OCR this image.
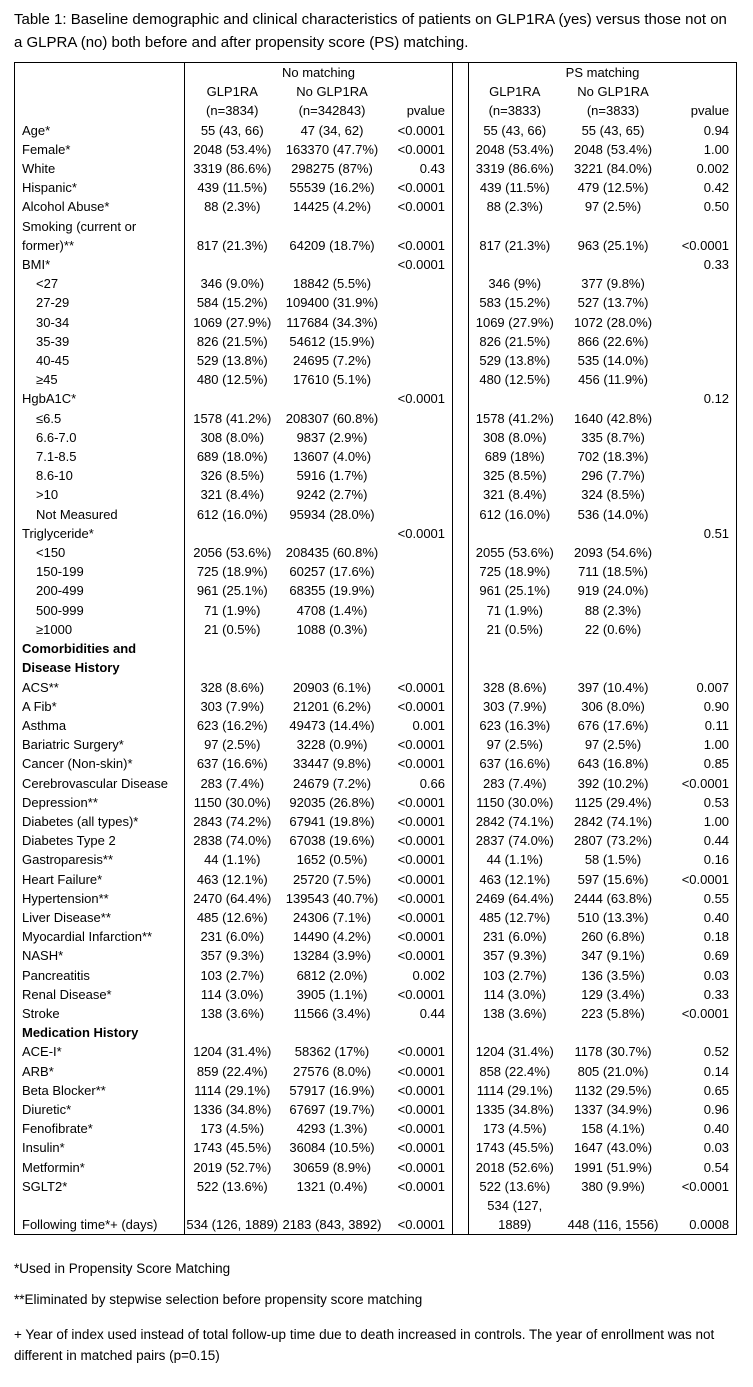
Table 1: Baseline demographic and clinical characteristics of patients on GLP1RA (yes) versus those not on a GLPRA (no) both before and after propensity score (PS) matching.

	No matching				PS matching		
	GLP1RA	No GLP1RA			GLP1RA	No GLP1RA	
	(n=3834)	(n=342843)	pvalue		(n=3833)	(n=3833)	pvalue
Age*	55 (43, 66)	47 (34, 62)	<0.0001		55 (43, 66)	55 (43, 65)	0.94
Female*	2048 (53.4%)	163370 (47.7%)	<0.0001		2048 (53.4%)	2048 (53.4%)	1.00
White	3319 (86.6%)	298275 (87%)	0.43		3319 (86.6%)	3221 (84.0%)	0.002
Hispanic*	439 (11.5%)	55539 (16.2%)	<0.0001		439 (11.5%)	479 (12.5%)	0.42
Alcohol Abuse*	88 (2.3%)	14425 (4.2%)	<0.0001		88 (2.3%)	97 (2.5%)	0.50
Smoking (current or former)**	817 (21.3%)	64209 (18.7%)	<0.0001		817 (21.3%)	963 (25.1%)	<0.0001
BMI*			<0.0001				0.33
<27	346 (9.0%)	18842 (5.5%)			346 (9%)	377 (9.8%)	
27-29	584 (15.2%)	109400 (31.9%)			583 (15.2%)	527 (13.7%)	
30-34	1069 (27.9%)	117684 (34.3%)			1069 (27.9%)	1072 (28.0%)	
35-39	826 (21.5%)	54612 (15.9%)			826 (21.5%)	866 (22.6%)	
40-45	529 (13.8%)	24695 (7.2%)			529 (13.8%)	535 (14.0%)	
≥45	480 (12.5%)	17610 (5.1%)			480 (12.5%)	456 (11.9%)	
HgbA1C*			<0.0001				0.12
≤6.5	1578 (41.2%)	208307 (60.8%)			1578 (41.2%)	1640 (42.8%)	
6.6-7.0	308 (8.0%)	9837 (2.9%)			308 (8.0%)	335 (8.7%)	
7.1-8.5	689 (18.0%)	13607 (4.0%)			689 (18%)	702 (18.3%)	
8.6-10	326 (8.5%)	5916 (1.7%)			325 (8.5%)	296 (7.7%)	
>10	321 (8.4%)	9242 (2.7%)			321 (8.4%)	324 (8.5%)	
Not Measured	612 (16.0%)	95934 (28.0%)			612 (16.0%)	536 (14.0%)	
Triglyceride*			<0.0001				0.51
<150	2056 (53.6%)	208435 (60.8%)			2055 (53.6%)	2093 (54.6%)	
150-199	725 (18.9%)	60257 (17.6%)			725 (18.9%)	711 (18.5%)	
200-499	961 (25.1%)	68355 (19.9%)			961 (25.1%)	919 (24.0%)	
500-999	71 (1.9%)	4708 (1.4%)			71 (1.9%)	88 (2.3%)	
≥1000	21 (0.5%)	1088 (0.3%)			21 (0.5%)	22 (0.6%)	
Comorbidities and Disease History							
ACS**	328 (8.6%)	20903 (6.1%)	<0.0001		328 (8.6%)	397 (10.4%)	0.007
A Fib*	303 (7.9%)	21201 (6.2%)	<0.0001		303 (7.9%)	306 (8.0%)	0.90
Asthma	623 (16.2%)	49473 (14.4%)	0.001		623 (16.3%)	676 (17.6%)	0.11
Bariatric Surgery*	97 (2.5%)	3228 (0.9%)	<0.0001		97 (2.5%)	97 (2.5%)	1.00
Cancer (Non-skin)*	637 (16.6%)	33447 (9.8%)	<0.0001		637 (16.6%)	643 (16.8%)	0.85
Cerebrovascular Disease	283 (7.4%)	24679 (7.2%)	0.66		283 (7.4%)	392 (10.2%)	<0.0001
Depression**	1150 (30.0%)	92035 (26.8%)	<0.0001		1150 (30.0%)	1125 (29.4%)	0.53
Diabetes (all types)*	2843 (74.2%)	67941 (19.8%)	<0.0001		2842 (74.1%)	2842 (74.1%)	1.00
Diabetes Type 2	2838 (74.0%)	67038 (19.6%)	<0.0001		2837 (74.0%)	2807 (73.2%)	0.44
Gastroparesis**	44 (1.1%)	1652 (0.5%)	<0.0001		44 (1.1%)	58 (1.5%)	0.16
Heart Failure*	463 (12.1%)	25720 (7.5%)	<0.0001		463 (12.1%)	597 (15.6%)	<0.0001
Hypertension**	2470 (64.4%)	139543 (40.7%)	<0.0001		2469 (64.4%)	2444 (63.8%)	0.55
Liver Disease**	485 (12.6%)	24306 (7.1%)	<0.0001		485 (12.7%)	510 (13.3%)	0.40
Myocardial Infarction**	231 (6.0%)	14490 (4.2%)	<0.0001		231 (6.0%)	260 (6.8%)	0.18
NASH*	357 (9.3%)	13284 (3.9%)	<0.0001		357 (9.3%)	347 (9.1%)	0.69
Pancreatitis	103 (2.7%)	6812 (2.0%)	0.002		103 (2.7%)	136 (3.5%)	0.03
Renal Disease*	114 (3.0%)	3905 (1.1%)	<0.0001		114 (3.0%)	129 (3.4%)	0.33
Stroke	138 (3.6%)	11566 (3.4%)	0.44		138 (3.6%)	223 (5.8%)	<0.0001
Medication History							
ACE-I*	1204 (31.4%)	58362 (17%)	<0.0001		1204 (31.4%)	1178 (30.7%)	0.52
ARB*	859 (22.4%)	27576 (8.0%)	<0.0001		858 (22.4%)	805 (21.0%)	0.14
Beta Blocker**	1114 (29.1%)	57917 (16.9%)	<0.0001		1114 (29.1%)	1132 (29.5%)	0.65
Diuretic*	1336 (34.8%)	67697 (19.7%)	<0.0001		1335 (34.8%)	1337 (34.9%)	0.96
Fenofibrate*	173 (4.5%)	4293 (1.3%)	<0.0001		173 (4.5%)	158 (4.1%)	0.40
Insulin*	1743 (45.5%)	36084 (10.5%)	<0.0001		1743 (45.5%)	1647 (43.0%)	0.03
Metformin*	2019 (52.7%)	30659 (8.9%)	<0.0001		2018 (52.6%)	1991 (51.9%)	0.54
SGLT2*	522 (13.6%)	1321 (0.4%)	<0.0001		522 (13.6%)	380 (9.9%)	<0.0001
Following time*+ (days)	534 (126, 1889)	2183 (843, 3892)	<0.0001		534 (127, 1889)	448 (116, 1556)	0.0008

*Used in Propensity Score Matching

**Eliminated by stepwise selection before propensity score matching

+ Year of index used instead of total follow-up time due to death increased in controls. The year of enrollment was not different in matched pairs (p=0.15)
